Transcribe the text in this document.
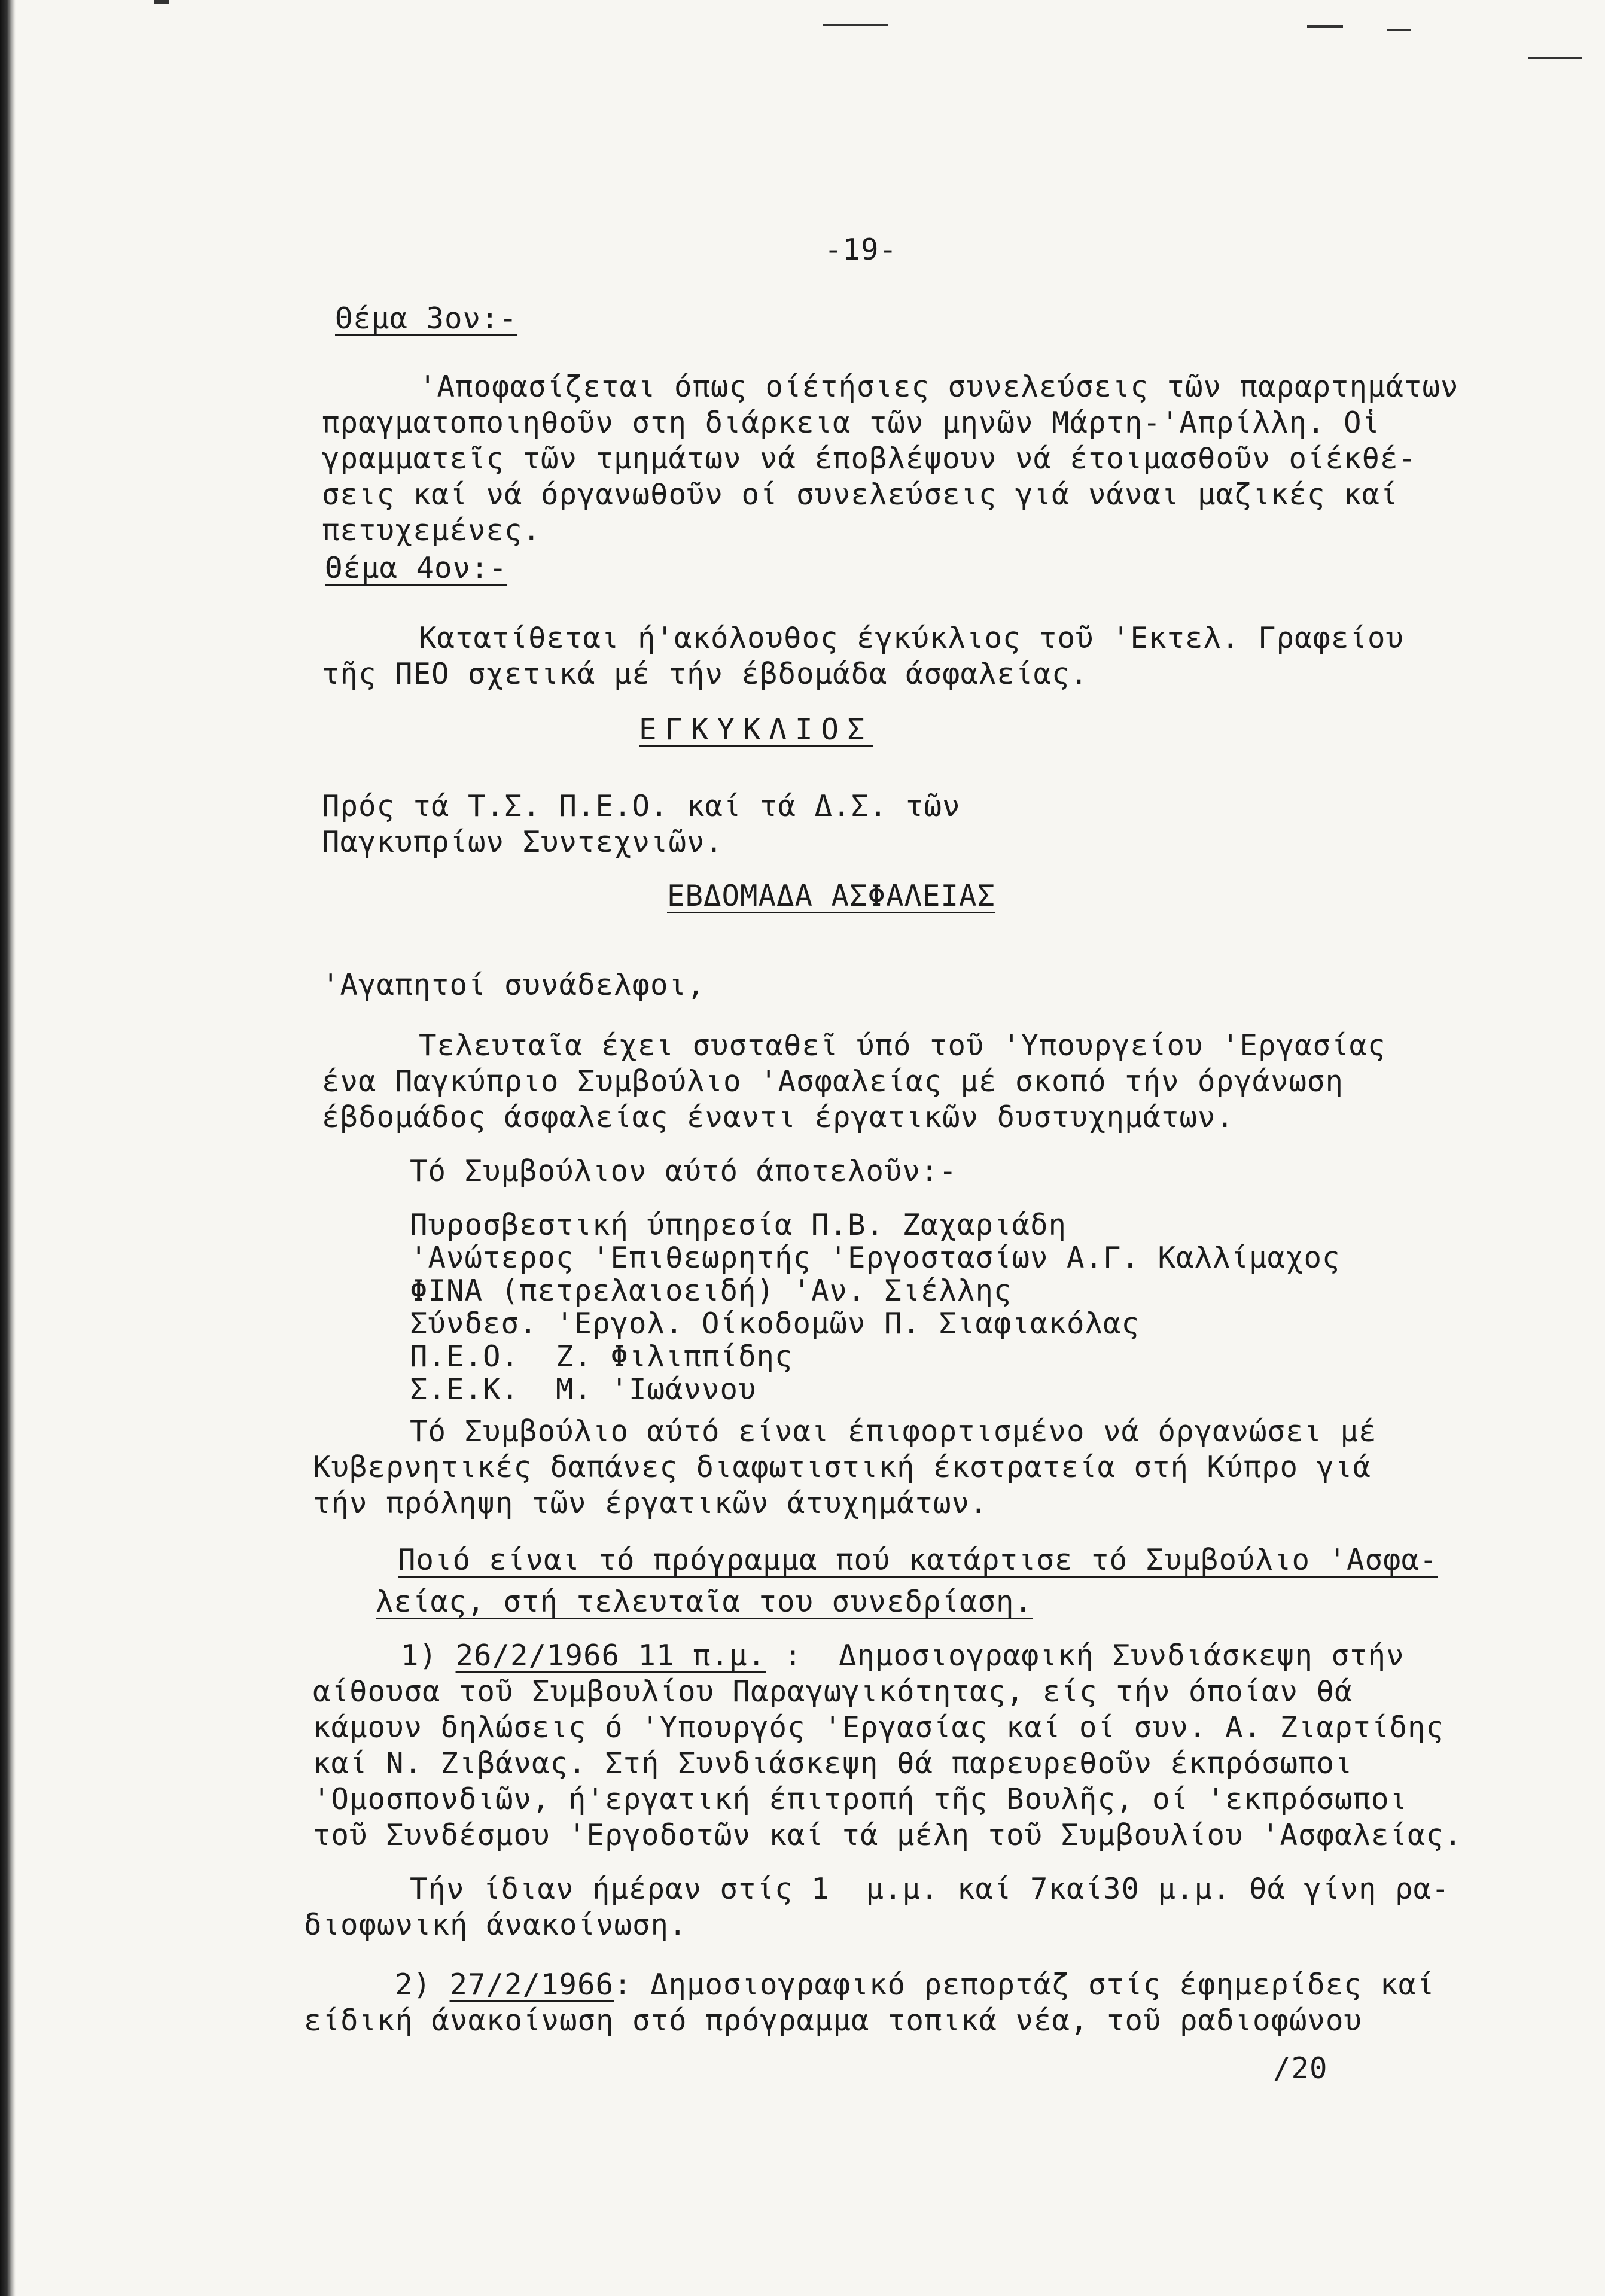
-19-
Θέμα 3ον:-
'Αποφασίζεται όπως οίέτήσιες συνελεύσεις τῶν παραρτημάτων
πραγματοποιηθοῦν στη διάρκεια τῶν μηνῶν Μάρτη-'Απρίλλη. Οἱ
γραμματεῖς τῶν τμημάτων νά έποβλέψουν νά έτοιμασθοῦν οίέκθέ-
σεις καί νά όργανωθοῦν οί συνελεύσεις γιά νάναι μαζικές καί
πετυχεμένες.
Θέμα 4ον:-
Κατατίθεται ή'ακόλουθος έγκύκλιος τοῦ 'Εκτελ. Γραφείου
τῆς ΠΕΟ σχετικά μέ τήν έβδομάδα άσφαλείας.
ΕΓΚΥΚΛΙΟΣ
Πρός τά Τ.Σ. Π.Ε.Ο. καί τά Δ.Σ. τῶν
Παγκυπρίων Συντεχνιῶν.
ΕΒΔΟΜΑΔΑ ΑΣΦΑΛΕΙΑΣ
'Αγαπητοί συνάδελφοι,
Τελευταῖα έχει συσταθεῖ ύπό τοῦ 'Υπουργείου 'Εργασίας
ένα Παγκύπριο Συμβούλιο 'Ασφαλείας μέ σκοπό τήν όργάνωση
έβδομάδος άσφαλείας έναντι έργατικῶν δυστυχημάτων.
Τό Συμβούλιον αύτό άποτελοῦν:-
Πυροσβεστική ύπηρεσία Π.Β. Ζαχαριάδη
'Ανώτερος 'Επιθεωρητής 'Εργοστασίων Α.Γ. Καλλίμαχος
ΦΙΝΑ (πετρελαιοειδή) 'Αν. Σιέλλης
Σύνδεσ. 'Εργολ. Οίκοδομῶν Π. Σιαφιακόλας
Π.Ε.Ο.  Ζ. Φιλιππίδης
Σ.Ε.Κ.  Μ. 'Ιωάννου
Τό Συμβούλιο αύτό είναι έπιφορτισμένο νά όργανώσει μέ
Κυβερνητικές δαπάνες διαφωτιστική έκστρατεία στή Κύπρο γιά
τήν πρόληψη τῶν έργατικῶν άτυχημάτων.
Ποιό είναι τό πρόγραμμα πού κατάρτισε τό Συμβούλιο 'Ασφα-
λείας, στή τελευταῖα του συνεδρίαση.
1) 26/2/1966 11 π.μ. :  Δημοσιογραφική Συνδιάσκεψη στήν
αίθουσα τοῦ Συμβουλίου Παραγωγικότητας, είς τήν όποίαν θά
κάμουν δηλώσεις ό 'Υπουργός 'Εργασίας καί οί συν. Α. Ζιαρτίδης
καί Ν. Ζιβάνας. Στή Συνδιάσκεψη θά παρευρεθοῦν έκπρόσωποι
'Ομοσπονδιῶν, ή'εργατική έπιτροπή τῆς Βουλῆς, οί 'εκπρόσωποι
τοῦ Συνδέσμου 'Εργοδοτῶν καί τά μέλη τοῦ Συμβουλίου 'Ασφαλείας.
Τήν ίδιαν ήμέραν στίς 1  μ.μ. καί 7καί30 μ.μ. θά γίνη ρα-
διοφωνική άνακοίνωση.
2) 27/2/1966: Δημοσιογραφικό ρεπορτάζ στίς έφημερίδες καί
είδική άνακοίνωση στό πρόγραμμα τοπικά νέα, τοῦ ραδιοφώνου
/20
